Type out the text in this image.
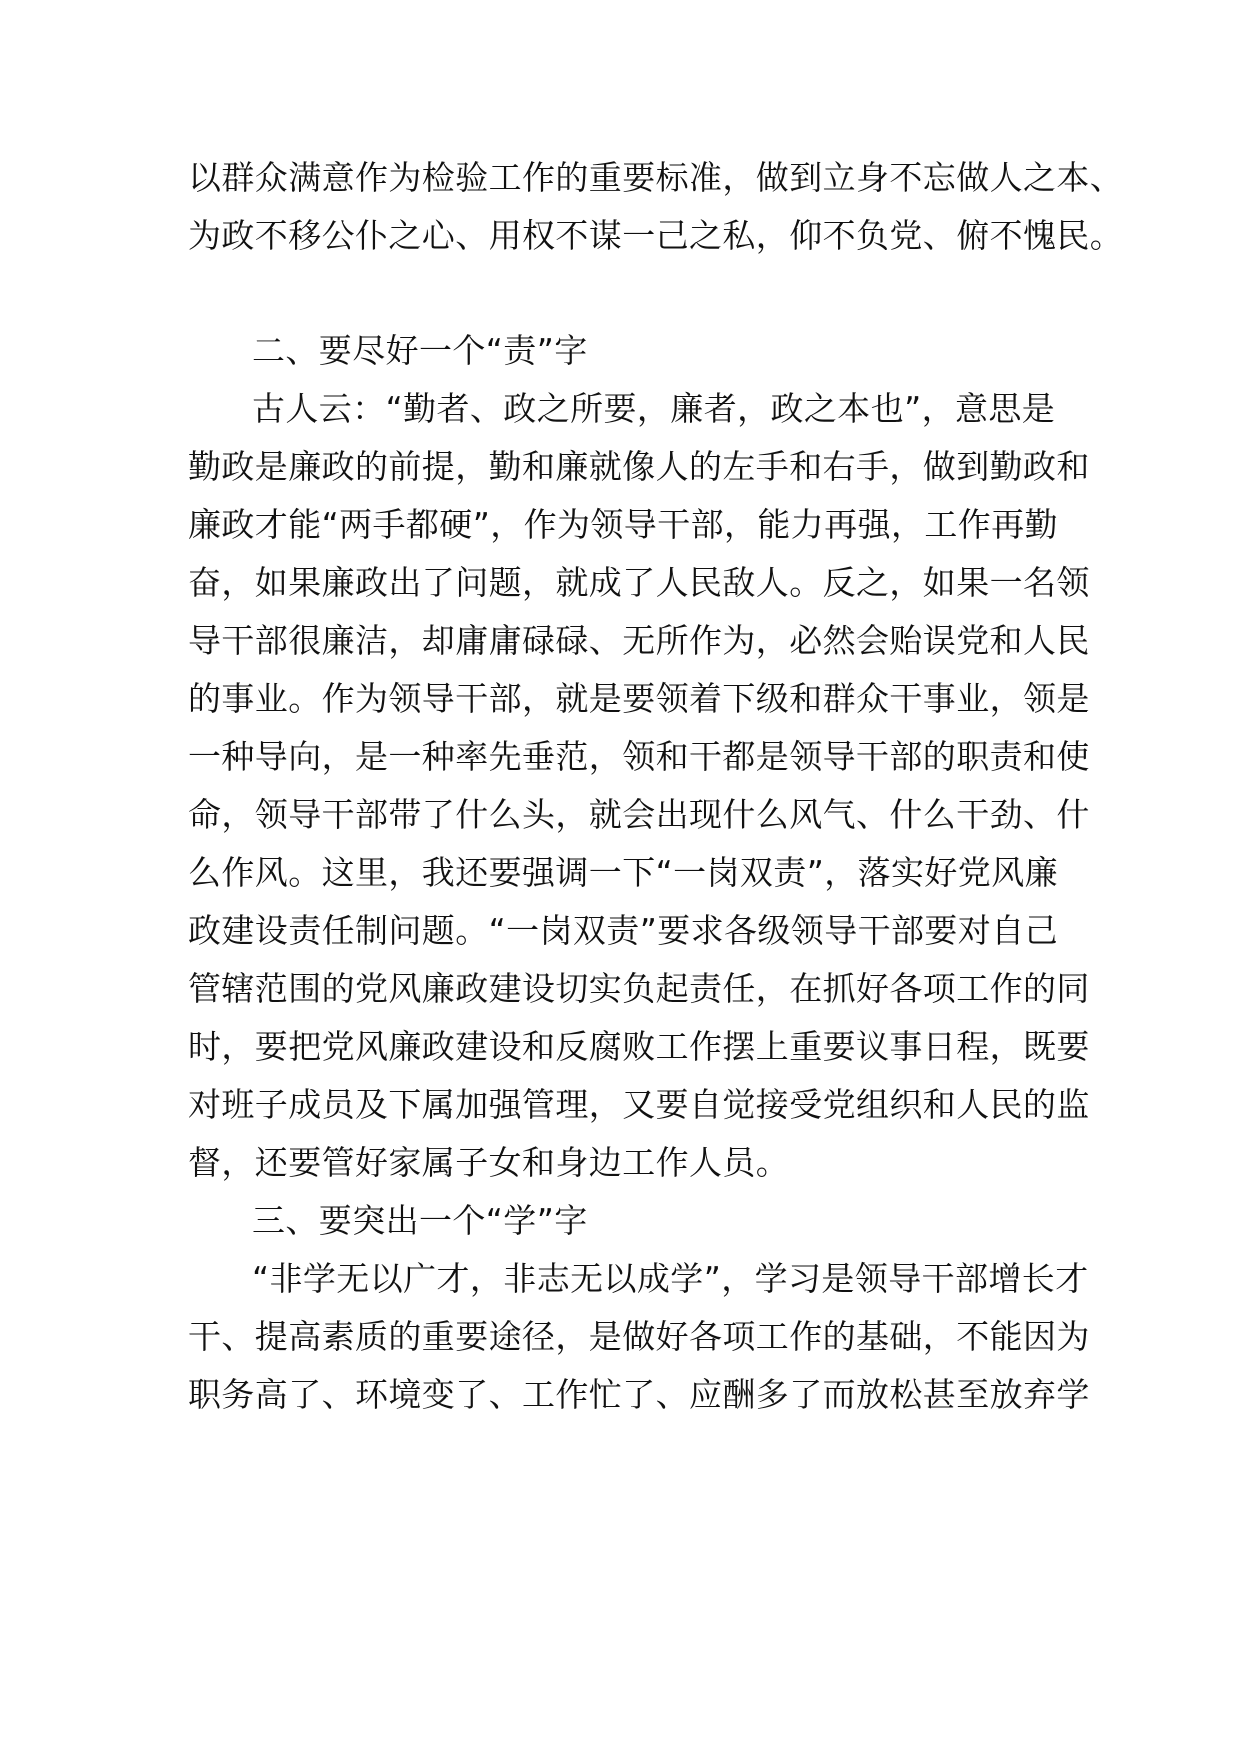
以群众满意作为检验工作的重要标准，做到立身不忘做人之本、
为政不移公仆之心、用权不谋一己之私，仰不负党、俯不愧民。
二、要尽好一个“责”字
古人云：“勤者、政之所要，廉者，政之本也”，意思是
勤政是廉政的前提，勤和廉就像人的左手和右手，做到勤政和
廉政才能“两手都硬”，作为领导干部，能力再强，工作再勤
奋，如果廉政出了问题，就成了人民敌人。反之，如果一名领
导干部很廉洁，却庸庸碌碌、无所作为，必然会贻误党和人民
的事业。作为领导干部，就是要领着下级和群众干事业，领是
一种导向，是一种率先垂范，领和干都是领导干部的职责和使
命，领导干部带了什么头，就会出现什么风气、什么干劲、什
么作风。这里，我还要强调一下“一岗双责”，落实好党风廉
政建设责任制问题。“一岗双责”要求各级领导干部要对自己
管辖范围的党风廉政建设切实负起责任，在抓好各项工作的同
时，要把党风廉政建设和反腐败工作摆上重要议事日程，既要
对班子成员及下属加强管理，又要自觉接受党组织和人民的监
督，还要管好家属子女和身边工作人员。
三、要突出一个“学”字
“非学无以广才，非志无以成学”，学习是领导干部增长才
干、提高素质的重要途径，是做好各项工作的基础，不能因为
职务高了、环境变了、工作忙了、应酬多了而放松甚至放弃学
